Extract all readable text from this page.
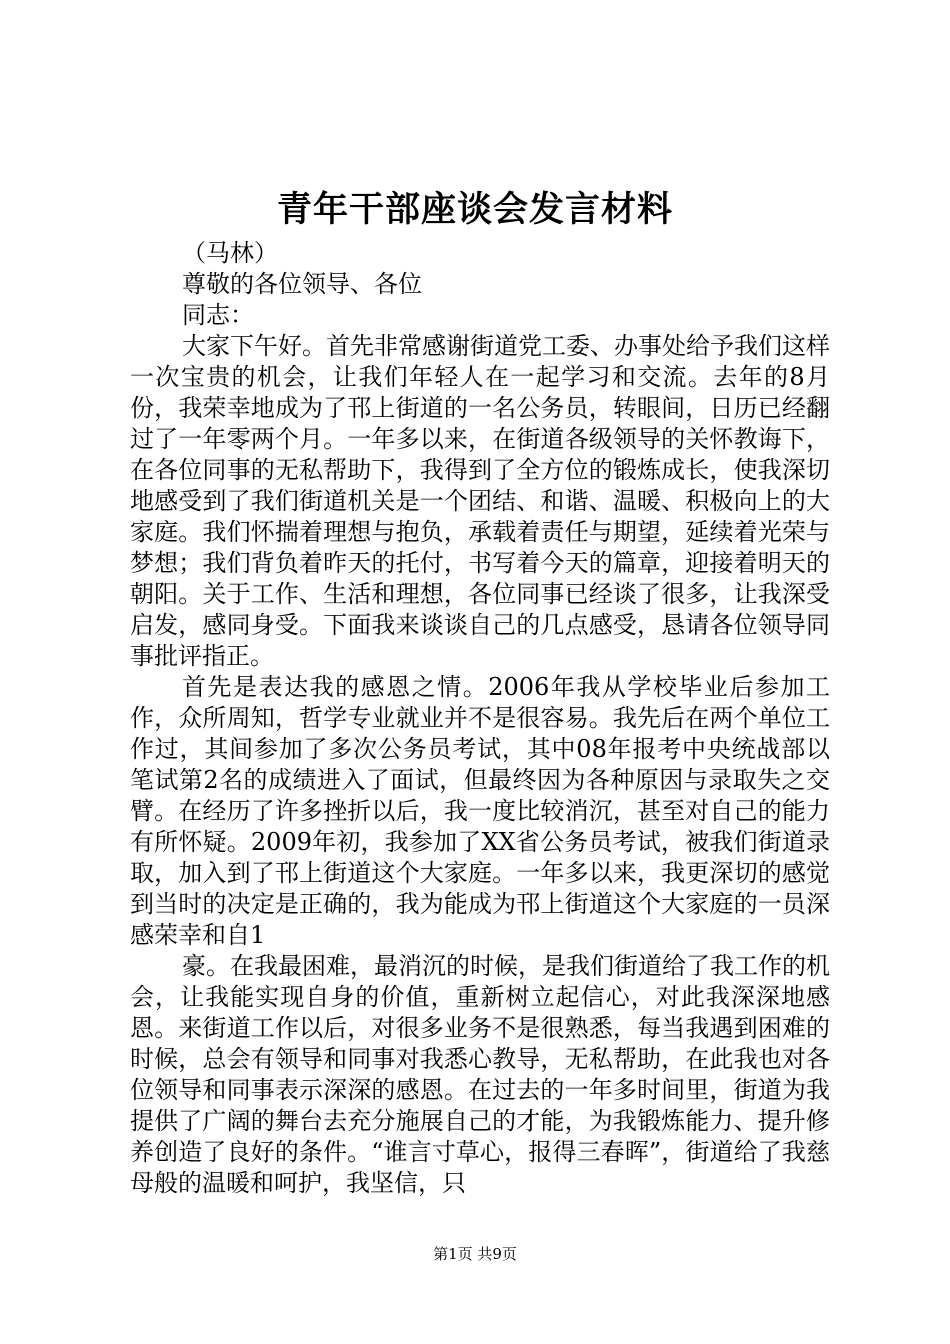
青年干部座谈会发言材料

（马林）

尊敬的各位领导、各位

同志：

大家下午好。首先非常感谢街道党工委、办事处给予我们这样一次宝贵的机会，让我们年轻人在一起学习和交流。去年的8月份，我荣幸地成为了邗上街道的一名公务员，转眼间，日历已经翻过了一年零两个月。一年多以来，在街道各级领导的关怀教诲下，在各位同事的无私帮助下，我得到了全方位的锻炼成长，使我深切地感受到了我们街道机关是一个团结、和谐、温暖、积极向上的大家庭。我们怀揣着理想与抱负，承载着责任与期望，延续着光荣与梦想；我们背负着昨天的托付，书写着今天的篇章，迎接着明天的朝阳。关于工作、生活和理想，各位同事已经谈了很多，让我深受启发，感同身受。下面我来谈谈自己的几点感受，恳请各位领导同事批评指正。

首先是表达我的感恩之情。2006年我从学校毕业后参加工作，众所周知，哲学专业就业并不是很容易。我先后在两个单位工作过，其间参加了多次公务员考试，其中08年报考中央统战部以笔试第2名的成绩进入了面试，但最终因为各种原因与录取失之交臂。在经历了许多挫折以后，我一度比较消沉，甚至对自己的能力有所怀疑。2009年初，我参加了XX省公务员考试，被我们街道录取，加入到了邗上街道这个大家庭。一年多以来，我更深切的感觉到当时的决定是正确的，我为能成为邗上街道这个大家庭的一员深感荣幸和自1

豪。在我最困难，最消沉的时候，是我们街道给了我工作的机会，让我能实现自身的价值，重新树立起信心，对此我深深地感恩。来街道工作以后，对很多业务不是很熟悉，每当我遇到困难的时候，总会有领导和同事对我悉心教导，无私帮助，在此我也对各位领导和同事表示深深的感恩。在过去的一年多时间里，街道为我提供了广阔的舞台去充分施展自己的才能，为我锻炼能力、提升修养创造了良好的条件。“谁言寸草心，报得三春晖”，街道给了我慈母般的温暖和呵护，我坚信，只

第1页 共9页
